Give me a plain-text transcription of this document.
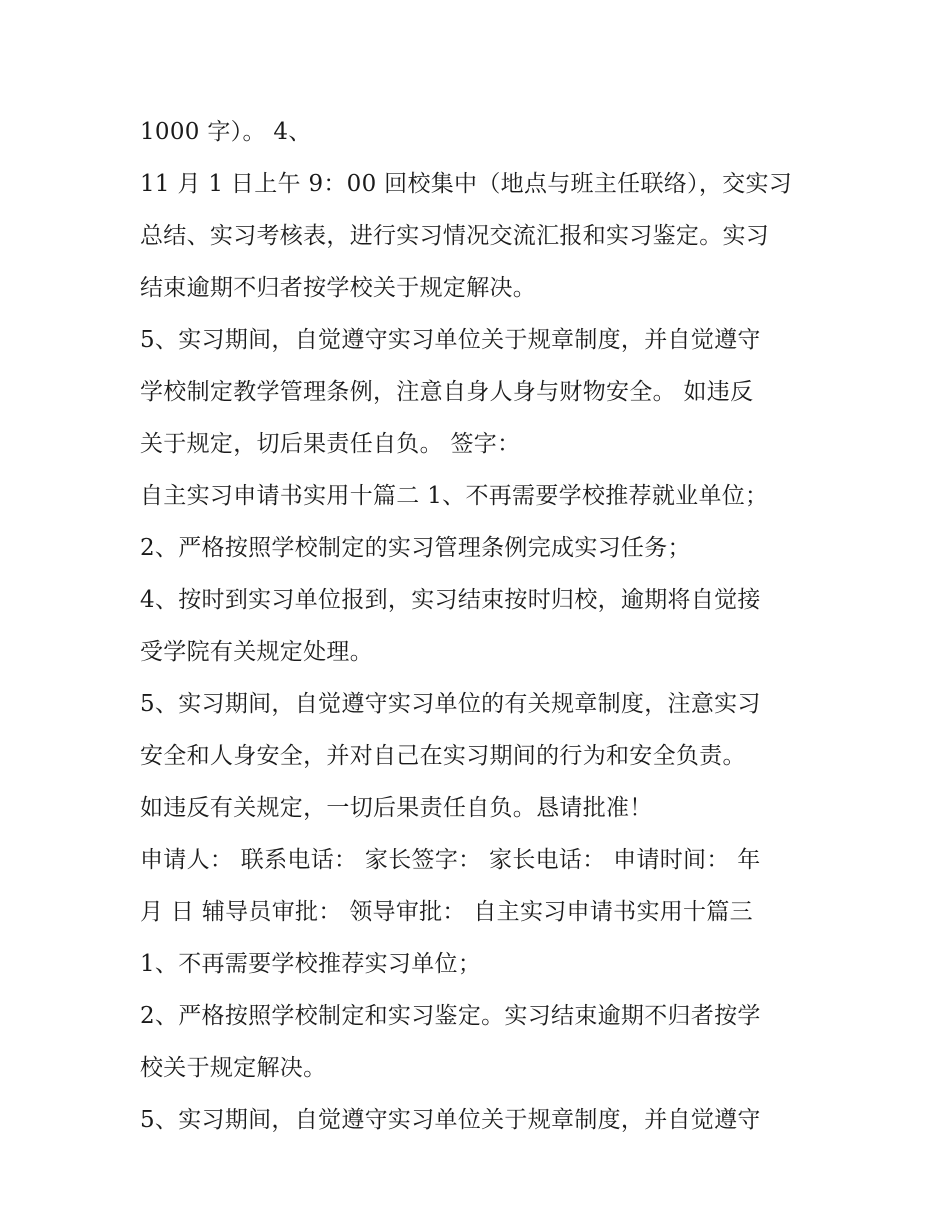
1000 字）。 4、
11 月 1 日上午 9：00 回校集中（地点与班主任联络），交实习
总结、实习考核表，进行实习情况交流汇报和实习鉴定。实习
结束逾期不归者按学校关于规定解决。
5、实习期间，自觉遵守实习单位关于规章制度，并自觉遵守
学校制定教学管理条例，注意自身人身与财物安全。 如违反
关于规定，切后果责任自负。 签字：
自主实习申请书实用十篇二 1、不再需要学校推荐就业单位；
2、严格按照学校制定的实习管理条例完成实习任务；
4、按时到实习单位报到，实习结束按时归校，逾期将自觉接
受学院有关规定处理。
5、实习期间，自觉遵守实习单位的有关规章制度，注意实习
安全和人身安全，并对自己在实习期间的行为和安全负责。
如违反有关规定，一切后果责任自负。恳请批准！
申请人： 联系电话： 家长签字： 家长电话： 申请时间： 年
月 日 辅导员审批： 领导审批： 自主实习申请书实用十篇三
1、不再需要学校推荐实习单位；
2、严格按照学校制定和实习鉴定。实习结束逾期不归者按学
校关于规定解决。
5、实习期间，自觉遵守实习单位关于规章制度，并自觉遵守
